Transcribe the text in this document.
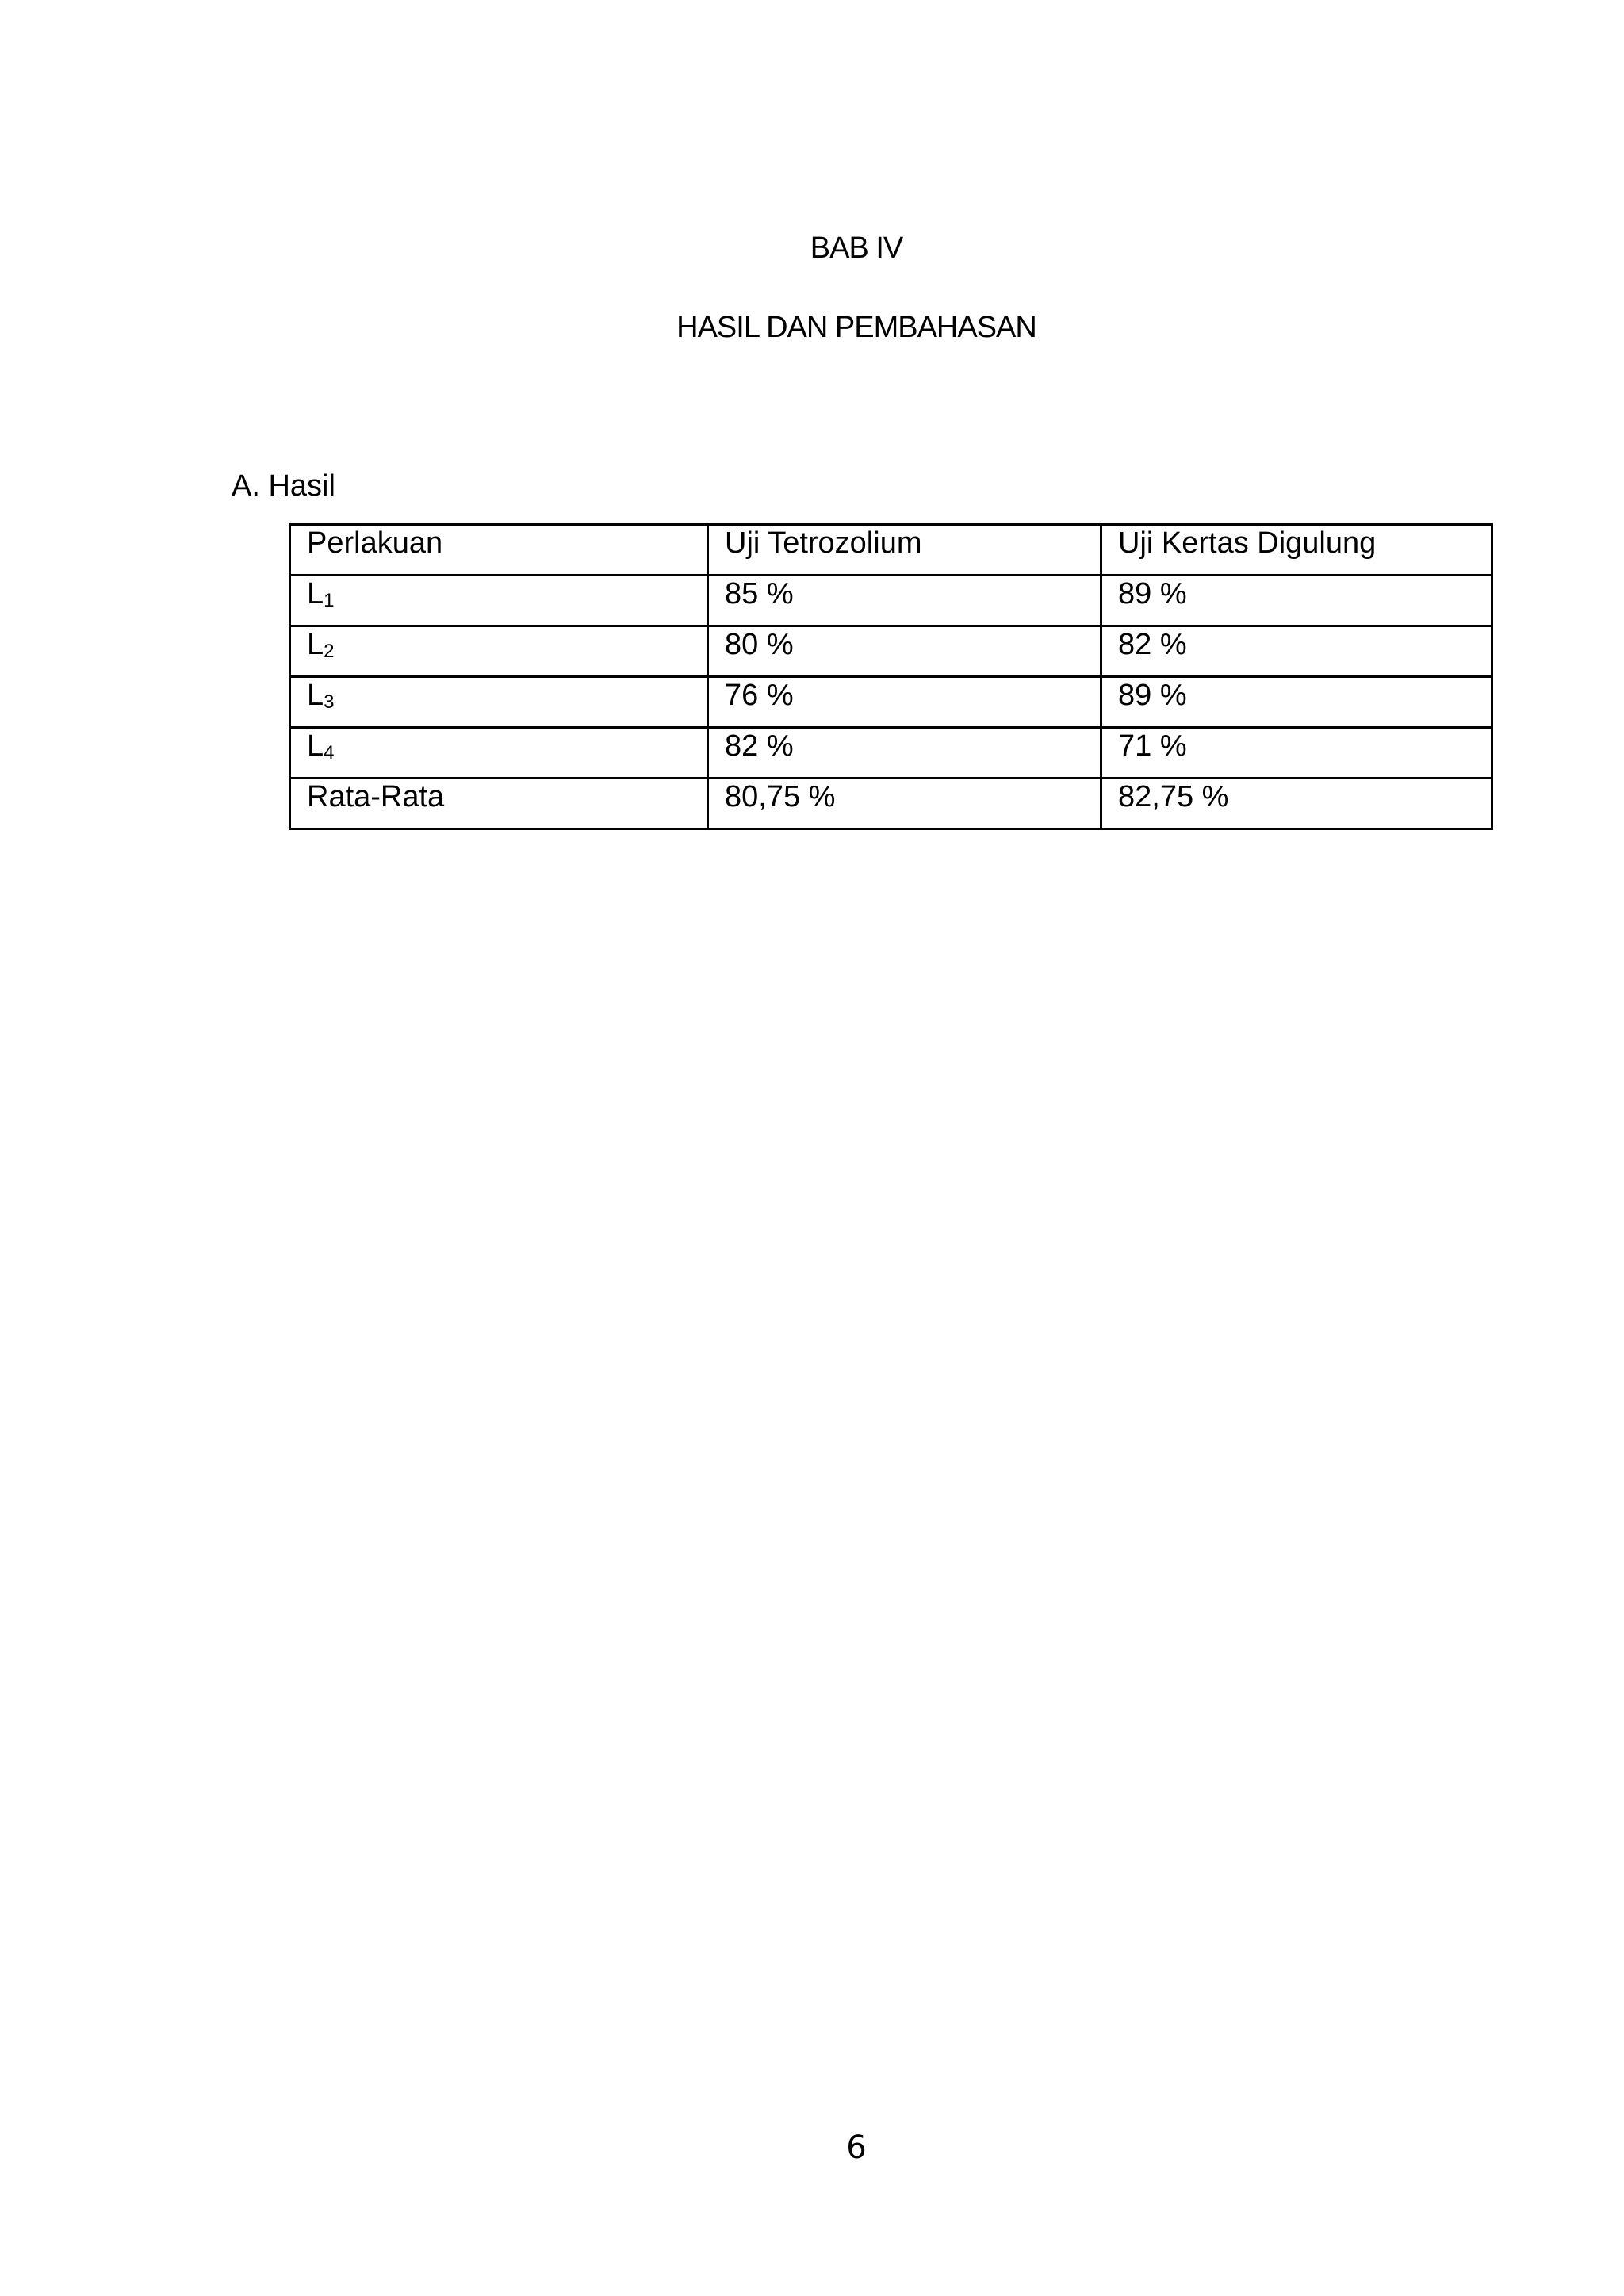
BAB IV
HASIL DAN PEMBAHASAN
A. Hasil
Perlakuan	Uji Tetrozolium	Uji Kertas Digulung
L1	85 %	89 %
L2	80 %	82 %
L3	76 %	89 %
L4	82 %	71 %
Rata-Rata	80,75 %	82,75 %
6
